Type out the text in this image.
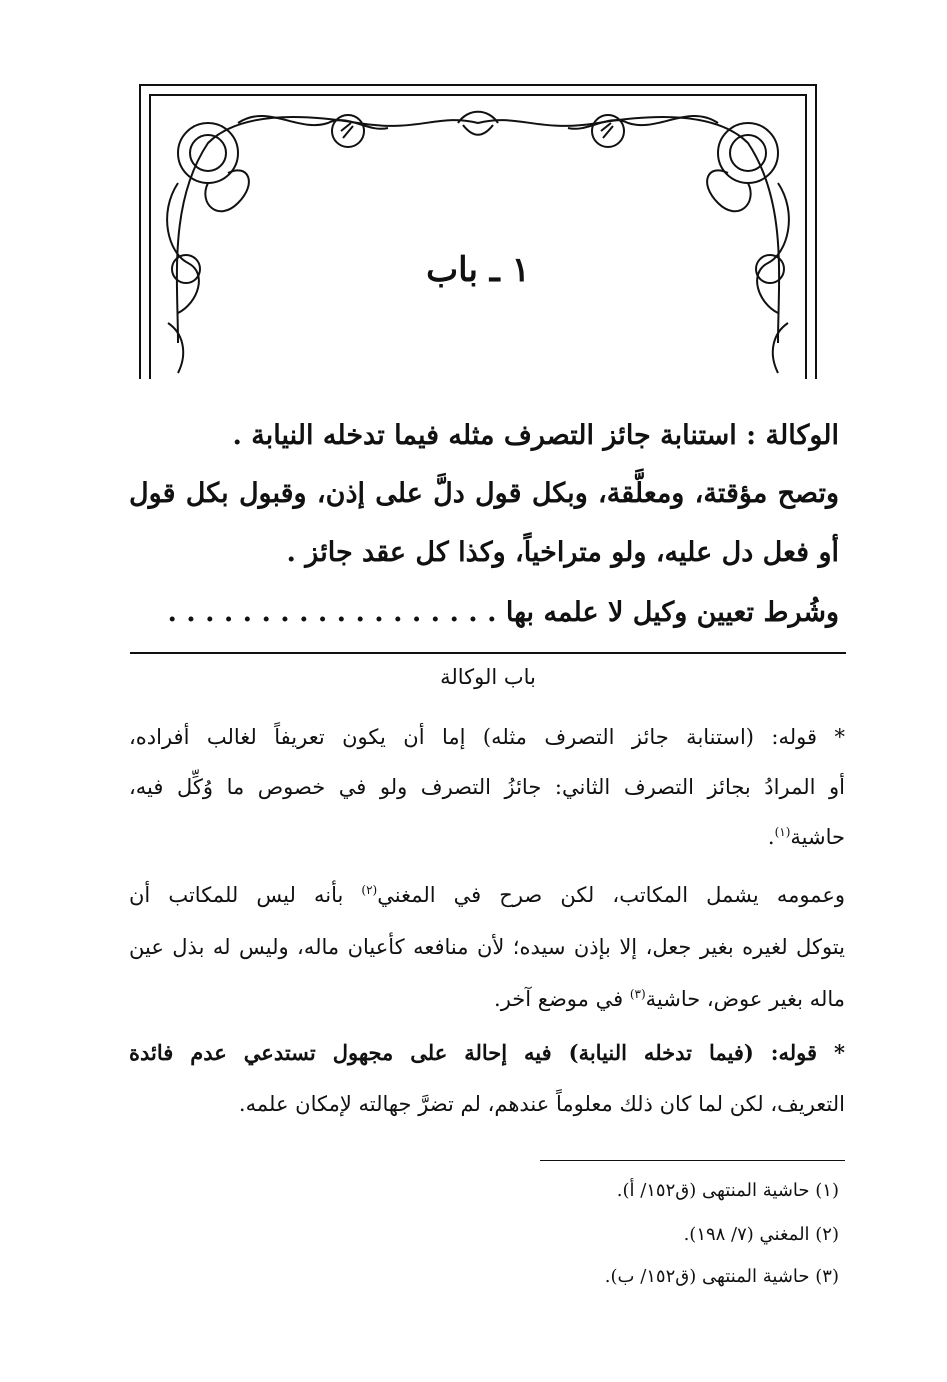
١ ـ باب
الوكالة : استنابة جائز التصرف مثله فيما تدخله النيابة .
وتصح مؤقتة، ومعلَّقة، وبكل قول دلَّ على إذن، وقبول بكل قول
أو فعل دل عليه، ولو متراخياً، وكذا كل عقد جائز .
وشُرط تعيين وكيل لا علمه بها . . . . . . . . . . . . . . . . . .
باب الوكالة
* قوله: (استنابة جائز التصرف مثله) إما أن يكون تعريفاً لغالب أفراده،
أو المرادُ بجائز التصرف الثاني: جائزُ التصرف ولو في خصوص ما وُكِّل فيه،
حاشية$^{(١)}$.
وعمومه يشمل المكاتب، لكن صرح في المغني$^{(٢)}$ بأنه ليس للمكاتب أن
يتوكل لغيره بغير جعل، إلا بإذن سيده؛ لأن منافعه كأعيان ماله، وليس له بذل عين
ماله بغير عوض، حاشية$^{(٣)}$ في موضع آخر.
* قوله: (فيما تدخله النيابة) فيه إحالة على مجهول تستدعي عدم فائدة
التعريف، لكن لما كان ذلك معلوماً عندهم، لم تضرَّ جهالته لإمكان علمه.
(١) حاشية المنتهى (ق١٥٢/ أ).
(٢) المغني (٧/ ١٩٨).
(٣) حاشية المنتهى (ق١٥٢/ ب).
